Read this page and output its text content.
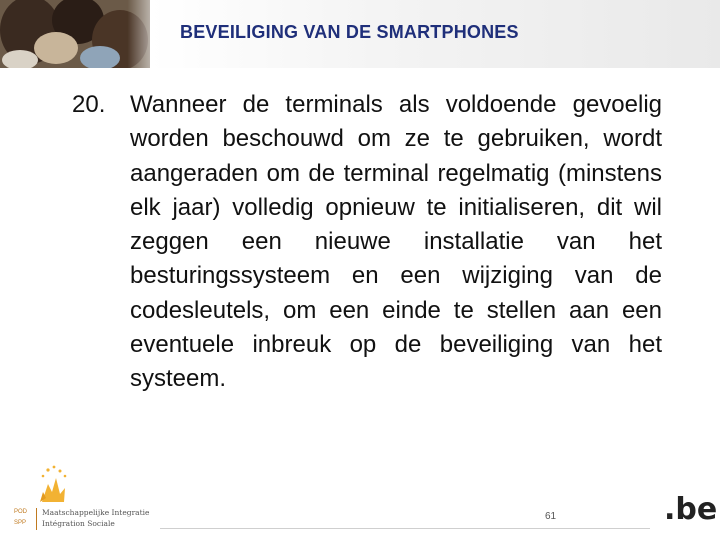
BEVEILIGING VAN DE SMARTPHONES
20. Wanneer de terminals als voldoende gevoelig worden beschouwd om ze te gebruiken, wordt aangeraden om de terminal regelmatig (minstens elk jaar) volledig opnieuw te initialiseren, dit wil zeggen een nieuwe installatie van het besturingssysteem en een wijziging van de codesleutels, om een einde te stellen aan een eventuele inbreuk op de beveiliging van het systeem.
POD
SPP
Maatschappelijke Integratie
Intégration Sociale
61	.be
